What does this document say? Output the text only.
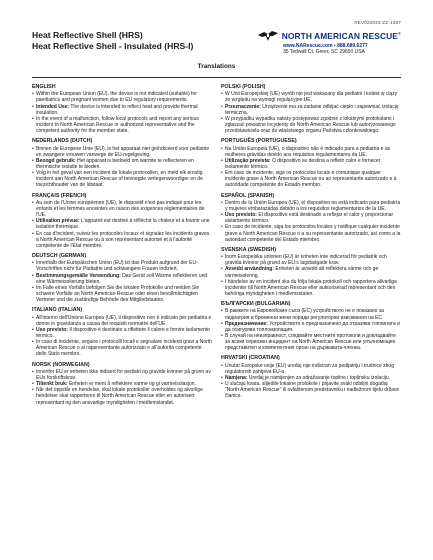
Heat Reflective Shell (HRS)
Heat Reflective Shell - Insulated (HRS-I)
REV022023 ZZ-1487
NORTH AMERICAN RESCUE®
www.NARescue.com • 888.689.6277
35 Tedwall Ct. Greer, SC 29650 USA
Translations
ENGLISH
• Within the European Union (EU), the device is not indicated (suitable) for paediatrics and pregnant women due to EU regulatory requirements.
• Intended Use: The device is intended to reflect heat and provide thermal insulation.
• In the event of a malfunction, follow local protocols and report any serious incident to North American Rescue or authorized representative and the competent authority for the member state.
NEDERLANDS (DUTCH)
• Binnen de Europese Unie (EU), is het apparaat niet geïndiceerd voor pediatrie en zwangere vrouwen vanwege de EU-regelgeving.
• Beoogd gebruik: Het apparaat is bedoeld om warmte te reflecteren en thermische isolatie te bieden.
• Volg in het geval van een incident de lokale protocollen, en meld elk ernstig incident aan North American Rescue of bevoegde vertegenwoordiger en de toezichthouder van de lidstaat.
FRANÇAIS (FRENCH)
• Au sein de l'Union européenne (UE), le dispositif n'est pas indiqué pour les enfants et les femmes enceintes en raison des exigences réglementaires de l'UE.
• Utilisation prévue: L'appareil est destiné à réfléchir la chaleur et à fournir une isolation thermique.
• En cas d'incident, suivez les protocoles locaux et signalez les incidents graves à North American Rescue ou à son représentant autorisé et à l'autorité compétente de l'État membre.
DEUTSCH (GERMAN)
• Innerhalb der Europäischen Union (EU) ist das Produkt aufgrund der EU-Vorschriften nicht für Pädiatrie und schwangere Frauen indiziert.
• Bestimmungsgemäße Verwendung: Das Gerät soll Wärme reflektieren und eine Wärmeisolierung bieten.
• Im Falle eines Vorfalls befolgen Sie die lokalen Protokolle und melden Sie schwere Vorfälle an North American Rescue oder einen bevollmächtigten Vertreter und die zuständige Behörde des Mitgliedstaates.
ITALIANO (ITALIAN)
• All'interno dell'Unione Europea (UE), il dispositivo non è indicato per pediatria e donne in gravidanza a causa dei requisiti normativi dell'UE.
• Uso previsto: Il dispositivo è destinato a riflettere il calore e fornire isolamento termico.
• In caso di incidente, seguire i protocolli locali e segnalare incidenti gravi a North American Rescue o al rappresentante autorizzato e all'autorità competente dello Stato membro.
NORSK (NORWEGIAN)
• Innenfor EU er enheten ikke indisert for pediatri og gravide kvinner på grunn av EUs forskriftskrav.
• Tiltenkt bruk: Enheten er ment å reflektere varme og gi varmeisolasjon.
• Når det oppstår en hendelse, skal lokale protokoller overholdes og alvorlige hendelser skal rapporteres til North American Rescue eller en autorisert representant og den ansvarlige myndigheten i medlemslandet.
POLSKI (POLISH)
• W Unii Europejskiej (UE) wyrób nie jest wskazany dla pediatrii i kobiet w ciąży ze względu na wymogi regulacyjne UE.
• Przeznaczenie: Urządzenie ma za zadanie odbijać ciepło i zapewniać izolację termiczną.
• W przypadku wypadku należy postępować zgodnie z lokalnymi protokołami i zgłaszać poważne incydenty do North American Rescue lub autoryzowanego przedstawiciela oraz do właściwego organu Państwa członkowskiego.
PORTUGUÊS (PORTUGUESE)
• Na União Europeia (UE), o dispositivo não é indicado para a pediatria e as mulheres grávidas devido aos requisitos regulamentares da UE.
• Utilização prevista: O dispositivo se destina a refletir calor e fornecer isolamento térmico.
• Em caso de incidente, siga os protocolos locais e comunique qualquer incidente grave à North American Rescue ou ao representante autorizado e à autoridade competente do Estado-membro.
ESPAÑOL (SPANISH)
• Dentro de la Unión Europea (UE), el dispositivo no está indicado para pediatría y mujeres embarazadas debido a los requisitos reglamentarios de la UE.
• Uso previsto: El dispositivo está destinado a reflejar el calor y proporcionar aislamiento térmico.
• En caso de incidente, siga los protocolos locales y notifique cualquier incidente grave a North American Rescue o a su representante autorizado, así como a la autoridad competente del Estado miembro.
SVENSKA (SWEDISH)
• Inom Europeiska unionen (EU) är enheten inte indicerad för pediatrik och gravida kvinnor på grund av EU:s lagstadgade krav.
• Avsedd användning: Enheten är avsedd att reflektera värme och ge värmeisolering.
• I händelse av en incident ska du följa lokala protokoll och rapportera allvarliga incidenter till North American Rescue eller auktoriserad representant och den behöriga myndigheten i medlemsstaten.
БЪЛГАРСКИ (BULGARIAN)
• В рамките на Европейския съюз (ЕС) устройството не е показано за педиатрия и бременни жени поради регулаторни изисквания на ЕС.
• Предназначение: Устройството е предназначено да отразява топлината и да осигурява топлоизолация.
• В случай на неизправност, следвайте местните протоколи и докладвайте за всеки сериозен инцидент на North American Rescue или упълномощен представител и компетентния орган на държавата-членка.
HRVATSKI (CROATIAN)
• Unutar Europske unije (EU) uređaj nije indiciran za pedijatriju i trudnice zbog regulatornih zahtjeva EU-a.
• Namjena: Uređaj je namijenjen za odražavanje topline i toplinsku izolaciju.
• U slučaju kvara, slijedite lokalne protokole i prijavite svaki ozbiljni događaj "North American Rescue" ili ovlaštenom predstavniku i nadležnom tijelu države članice.
